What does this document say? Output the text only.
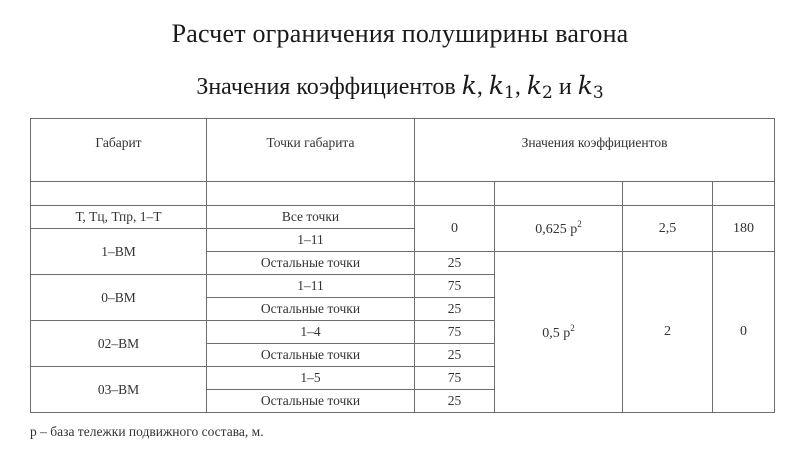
Расчет ограничения полуширины вагона
Значения коэффициентов k, $k_1$, $k_2$ и $k_3$
Габарит	Точки габарита	Значения коэффициентов			

Т, Тц, Тпр, 1–Т	Все точки	0	0,625 $p^2$	2,5	180
1–ВМ	1–11				
	Остальные точки	25	0,5 $p^2$	2	0
0–ВМ	1–11	75			
	Остальные точки	25			
02–ВМ	1–4	75			
	Остальные точки	25			
03–ВМ	1–5	75			
	Остальные точки	25			
р – база тележки подвижного состава, м.
